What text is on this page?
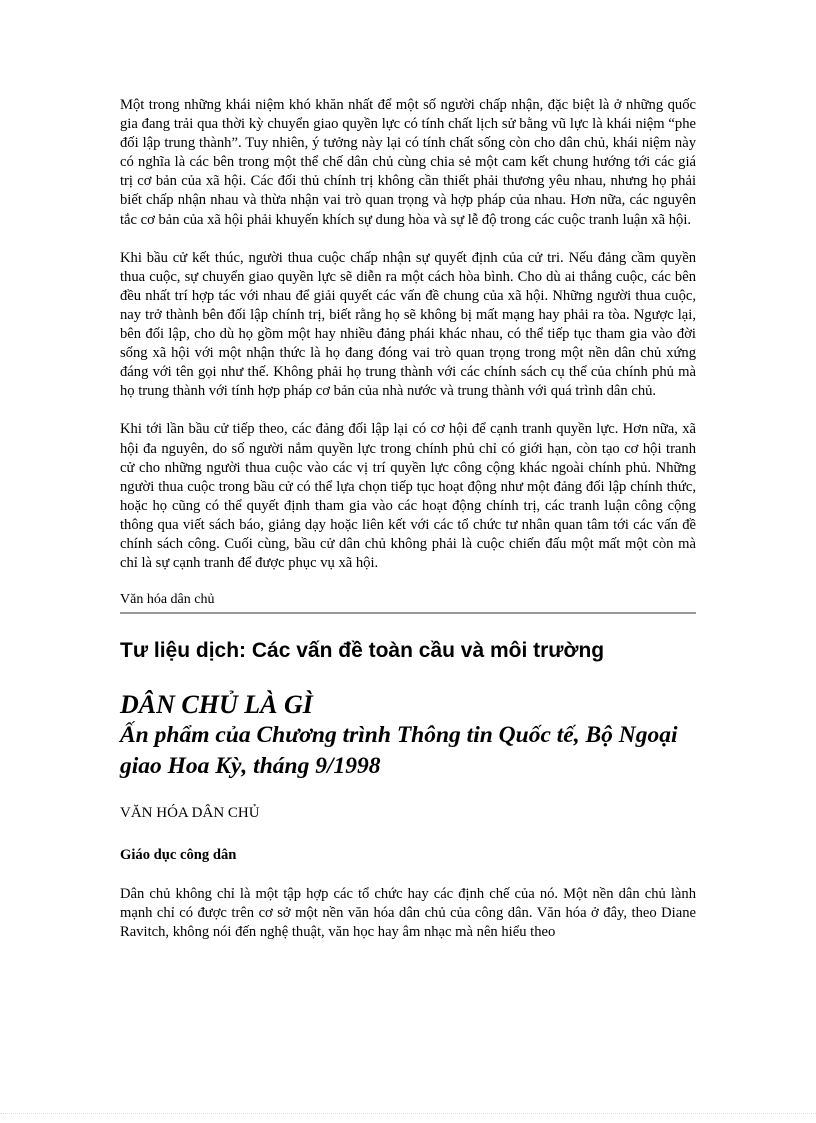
Một trong những khái niệm khó khăn nhất để một số người chấp nhận, đặc biệt là ở những quốc gia đang trải qua thời kỳ chuyển giao quyền lực có tính chất lịch sử bằng vũ lực là khái niệm “phe đối lập trung thành”. Tuy nhiên, ý tưởng này lại có tính chất sống còn cho dân chủ, khái niệm này có nghĩa là các bên trong một thể chế dân chủ cùng chia sẻ một cam kết chung hướng tới các giá trị cơ bản của xã hội. Các đối thủ chính trị không cần thiết phải thương yêu nhau, nhưng họ phải biết chấp nhận nhau và thừa nhận vai trò quan trọng và hợp pháp của nhau. Hơn nữa, các nguyên tắc cơ bản của xã hội phải khuyến khích sự dung hòa và sự lễ độ trong các cuộc tranh luận xã hội.

Khi bầu cử kết thúc, người thua cuộc chấp nhận sự quyết định của cử tri. Nếu đảng cầm quyền thua cuộc, sự chuyển giao quyền lực sẽ diễn ra một cách hòa bình. Cho dù ai thắng cuộc, các bên đều nhất trí hợp tác với nhau để giải quyết các vấn đề chung của xã hội. Những người thua cuộc, nay trở thành bên đối lập chính trị, biết rằng họ sẽ không bị mất mạng hay phải ra tòa. Ngược lại, bên đối lập, cho dù họ gồm một hay nhiều đảng phái khác nhau, có thể tiếp tục tham gia vào đời sống xã hội với một nhận thức là họ đang đóng vai trò quan trọng trong một nền dân chủ xứng đáng với tên gọi như thế. Không phải họ trung thành với các chính sách cụ thể của chính phủ mà họ trung thành với tính hợp pháp cơ bản của nhà nước và trung thành với quá trình dân chủ.

Khi tới lần bầu cử tiếp theo, các đảng đối lập lại có cơ hội để cạnh tranh quyền lực. Hơn nữa, xã hội đa nguyên, do số người nắm quyền lực trong chính phủ chỉ có giới hạn, còn tạo cơ hội tranh cử cho những người thua cuộc vào các vị trí quyền lực công cộng khác ngoài chính phủ. Những người thua cuộc trong bầu cử có thể lựa chọn tiếp tục hoạt động như một đảng đối lập chính thức, hoặc họ cũng có thể quyết định tham gia vào các hoạt động chính trị, các tranh luận công cộng thông qua viết sách báo, giảng dạy hoặc liên kết với các tổ chức tư nhân quan tâm tới các vấn đề chính sách công. Cuối cùng, bầu cử dân chủ không phải là cuộc chiến đấu một mất một còn mà chỉ là sự cạnh tranh để được phục vụ xã hội.

Văn hóa dân chủ
Tư liệu dịch: Các vấn đề toàn cầu và môi trường
DÂN CHỦ LÀ GÌ
Ấn phẩm của Chương trình Thông tin Quốc tế, Bộ Ngoại giao Hoa Kỳ, tháng 9/1998
VĂN HÓA DÂN CHỦ
Giáo dục công dân

Dân chủ không chỉ là một tập hợp các tổ chức hay các định chế của nó. Một nền dân chủ lành mạnh chỉ có được trên cơ sở một nền văn hóa dân chủ của công dân. Văn hóa ở đây, theo Diane Ravitch, không nói đến nghệ thuật, văn học hay âm nhạc mà nên hiểu theo
